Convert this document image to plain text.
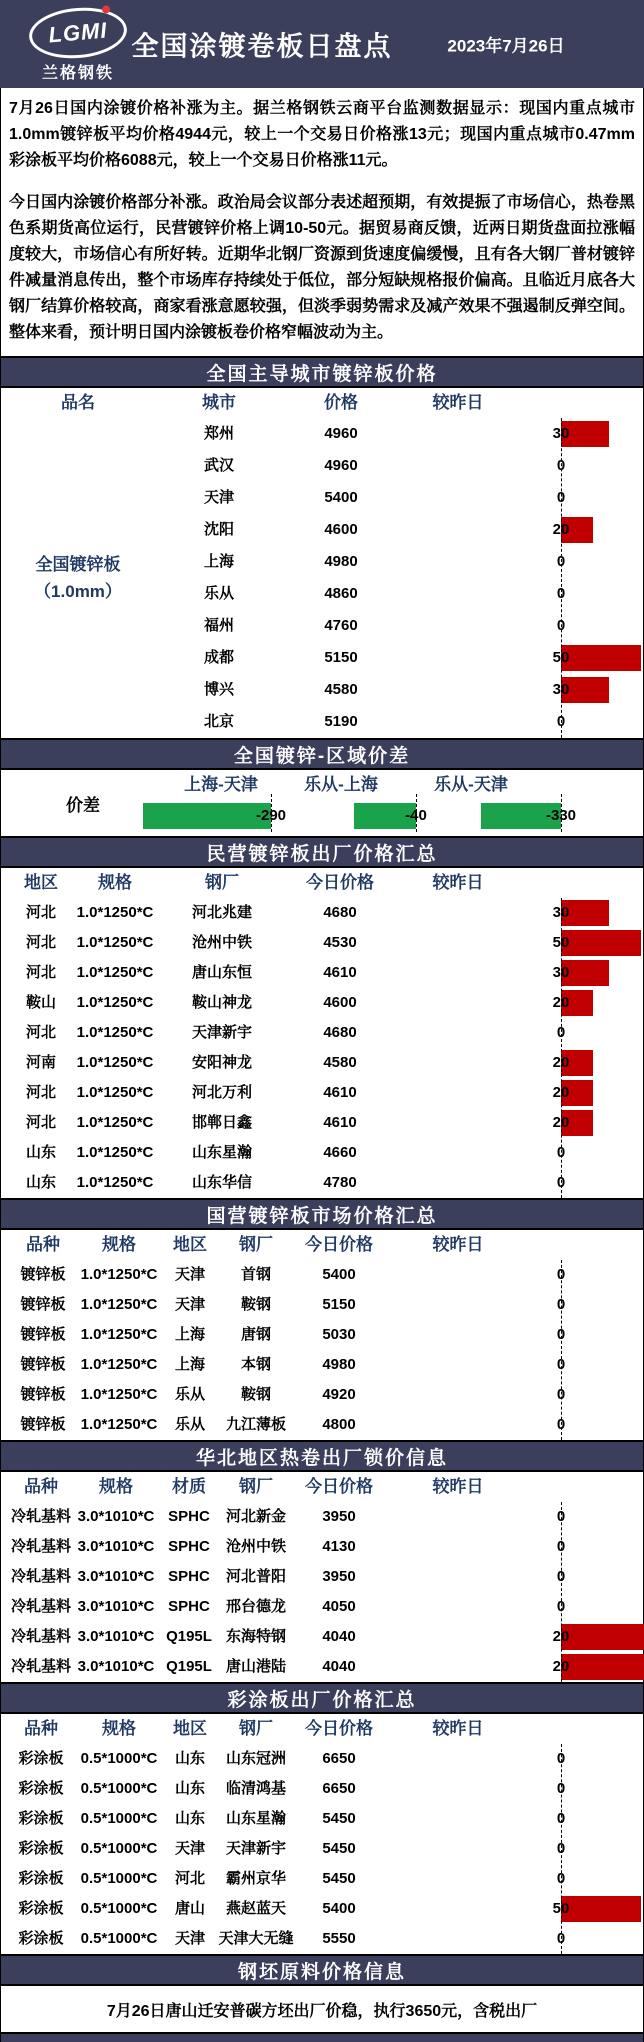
LGMI
兰格钢铁
全国涂镀卷板日盘点	2023年7月26日

7月26日国内涂镀价格补涨为主。据兰格钢铁云商平台监测数据显示：现国内重点城市1.0mm镀锌板平均价格4944元，较上一个交易日价格涨13元；现国内重点城市0.47mm彩涂板平均价格6088元，较上一个交易日价格涨11元。

今日国内涂镀价格部分补涨。政治局会议部分表述超预期，有效提振了市场信心，热卷黑色系期货高位运行，民营镀锌价格上调10-50元。据贸易商反馈，近两日期货盘面拉涨幅度较大，市场信心有所好转。近期华北钢厂资源到货速度偏缓慢，且有各大钢厂普材镀锌件减量消息传出，整个市场库存持续处于低位，部分短缺规格报价偏高。且临近月底各大钢厂结算价格较高，商家看涨意愿较强，但淡季弱势需求及减产效果不强遏制反弹空间。整体来看，预计明日国内涂镀板卷价格窄幅波动为主。

全国主导城市镀锌板价格
品名	城市	价格	较昨日
郑州	4960	30
武汉	4960	0
天津	5400	0
沈阳	4600	20
上海	4980	0
乐从	4860	0
福州	4760	0
成都	5150	50
博兴	4580	30
北京	5190	0
全国镀锌板
（1.0mm）
全国镀锌-区域价差
价差
上海-天津
-290
乐从-上海
-40
乐从-天津
-330
民营镀锌板出厂价格汇总
地区 规格	钢厂	今日价格	较昨日
河北 1.0*1250*C	河北兆建	4680	30
河北 1.0*1250*C	沧州中铁	4530	50
河北 1.0*1250*C	唐山东恒	4610	30
鞍山 1.0*1250*C	鞍山神龙	4600	20
河北 1.0*1250*C	天津新宇	4680	0
河南 1.0*1250*C	安阳神龙	4580	20
河北 1.0*1250*C	河北万利	4610	20
河北 1.0*1250*C	邯郸日鑫	4610	20
山东 1.0*1250*C	山东星瀚	4660	0
山东 1.0*1250*C	山东华信	4780	0
国营镀锌板市场价格汇总
品种 规格 地区 钢厂 今日价格	较昨日
镀锌板 1.0*1250*C 天津 首钢	5400	0
镀锌板 1.0*1250*C 天津 鞍钢	5150	0
镀锌板 1.0*1250*C 上海 唐钢	5030	0
镀锌板 1.0*1250*C 上海 本钢	4980	0
镀锌板 1.0*1250*C 乐从 鞍钢	4920	0
镀锌板 1.0*1250*C 乐从 九江薄板 4800	0
华北地区热卷出厂锁价信息
品种 规格 材质 钢厂 今日价格	较昨日
冷轧基料 3.0*1010*C SPHC 河北新金 3950	0
冷轧基料 3.0*1010*C SPHC 沧州中铁 4130	0
冷轧基料 3.0*1010*C SPHC 河北普阳 3950	0
冷轧基料 3.0*1010*C SPHC 邢台德龙 4050	0
冷轧基料 3.0*1010*C Q195L 东海特钢 4040	20
冷轧基料 3.0*1010*C Q195L 唐山港陆 4040	20
彩涂板出厂价格汇总
品种	规格 地区 钢厂 今日价格	较昨日
彩涂板 0.5*1000*C 山东 山东冠洲 6650	0
彩涂板 0.5*1000*C 山东 临清鸿基 6650	0
彩涂板 0.5*1000*C 山东 山东星瀚 5450	0
彩涂板 0.5*1000*C 天津 天津新宇 5450	0
彩涂板 0.5*1000*C 河北 霸州京华 5450	0
彩涂板 0.5*1000*C 唐山 燕赵蓝天 5400	50
彩涂板 0.5*1000*C 天津 天津大无缝 5550	0
钢坯原料价格信息
7月26日唐山迁安普碳方坯出厂价稳，执行3650元，含税出厂
